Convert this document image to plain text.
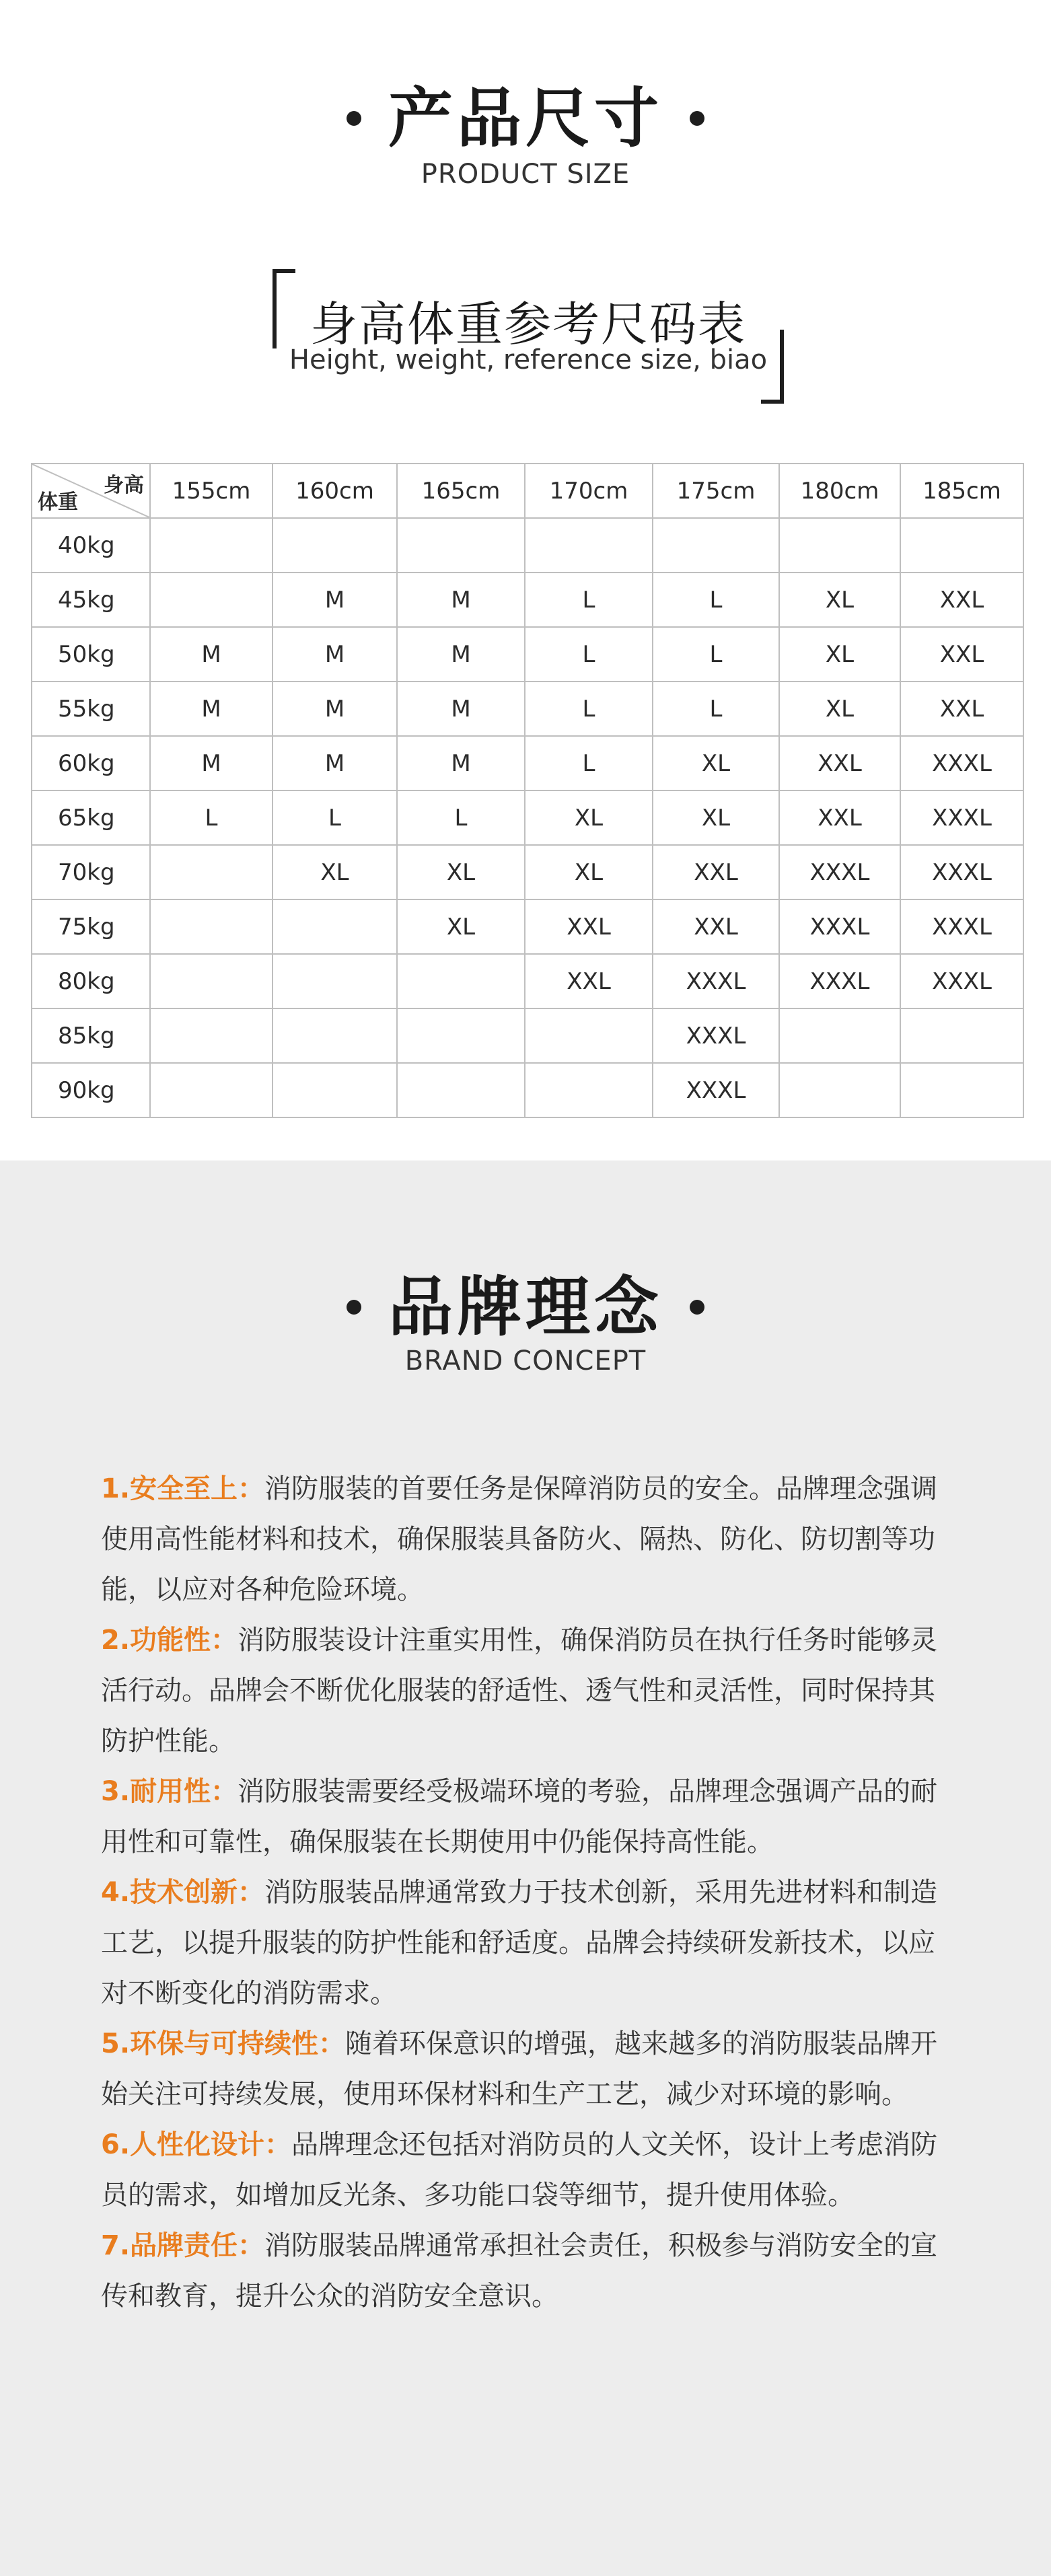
产品尺寸
PRODUCT SIZE
身高体重参考尺码表
Height, weight, reference size, biao
身高
体重	155cm	160cm	165cm	170cm	175cm	180cm	185cm
40kg							
45kg		M	M	L	L	XL	XXL
50kg	M	M	M	L	L	XL	XXL
55kg	M	M	M	L	L	XL	XXL
60kg	M	M	M	L	XL	XXL	XXXL
65kg	L	L	L	XL	XL	XXL	XXXL
70kg		XL	XL	XL	XXL	XXXL	XXXL
75kg			XL	XXL	XXL	XXXL	XXXL
80kg				XXL	XXXL	XXXL	XXXL
85kg					XXXL		
90kg					XXXL		
品牌理念
BRAND CONCEPT

1.安全至上：消防服装的首要任务是保障消防员的安全。品牌理念强调使用高性能材料和技术，确保服装具备防火、隔热、防化、防切割等功能，以应对各种危险环境。

2.功能性：消防服装设计注重实用性，确保消防员在执行任务时能够灵活行动。品牌会不断优化服装的舒适性、透气性和灵活性，同时保持其防护性能。

3.耐用性：消防服装需要经受极端环境的考验，品牌理念强调产品的耐用性和可靠性，确保服装在长期使用中仍能保持高性能。

4.技术创新：消防服装品牌通常致力于技术创新，采用先进材料和制造工艺，以提升服装的防护性能和舒适度。品牌会持续研发新技术，以应对不断变化的消防需求。

5.环保与可持续性：随着环保意识的增强，越来越多的消防服装品牌开始关注可持续发展，使用环保材料和生产工艺，减少对环境的影响。

6.人性化设计：品牌理念还包括对消防员的人文关怀，设计上考虑消防员的需求，如增加反光条、多功能口袋等细节，提升使用体验。

7.品牌责任：消防服装品牌通常承担社会责任，积极参与消防安全的宣传和教育，提升公众的消防安全意识。
